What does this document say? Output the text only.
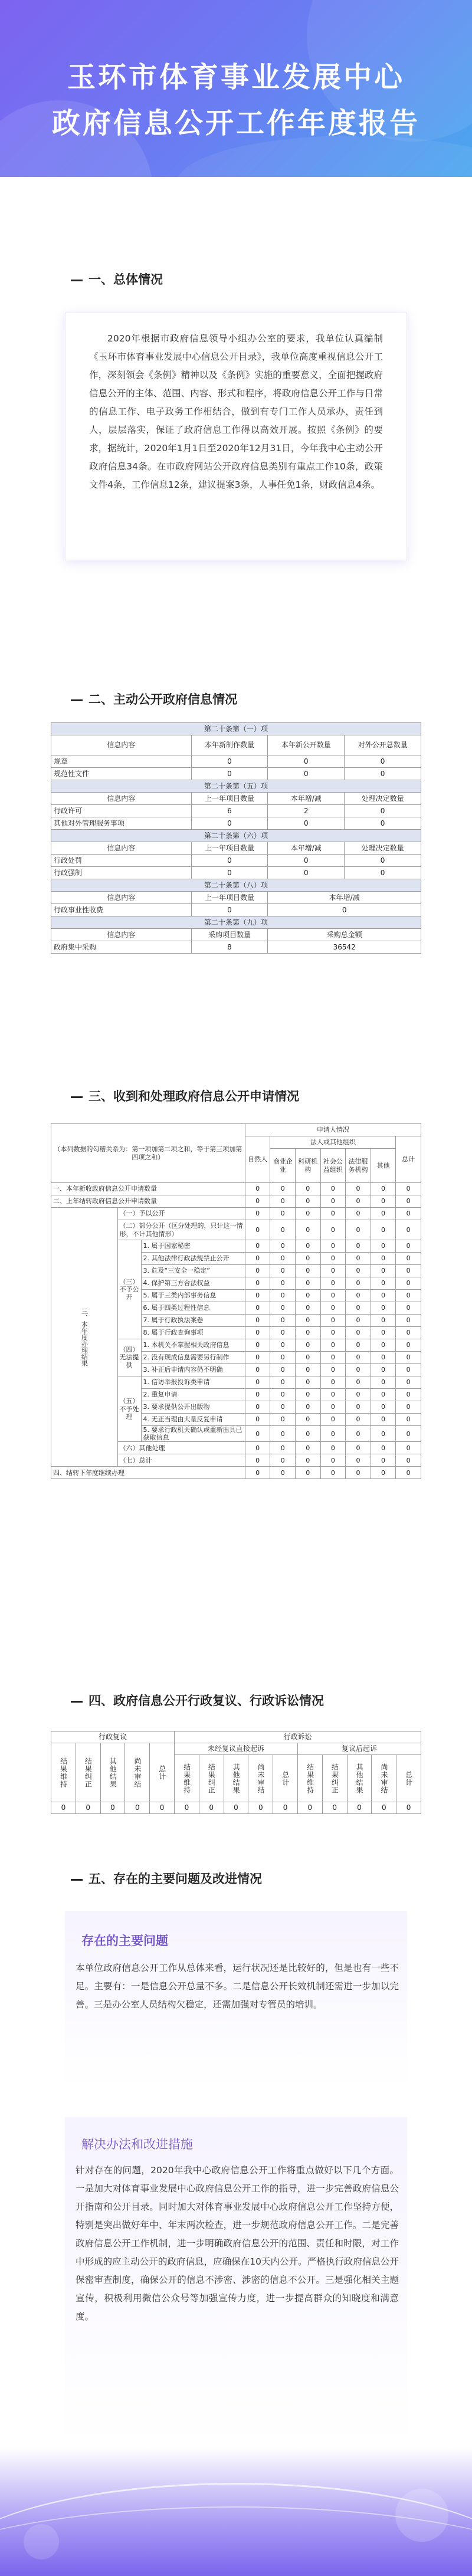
玉环市体育事业发展中心
政府信息公开工作年度报告
一、总体情况

2020年根据市政府信息领导小组办公室的要求，我单位认真编制《玉环市体育事业发展中心信息公开目录》，我单位高度重视信息公开工作，深刻领会《条例》精神以及《条例》实施的重要意义，全面把握政府信息公开的主体、范围、内容、形式和程序，将政府信息公开工作与日常的信息工作、电子政务工作相结合，做到有专门工作人员承办，责任到人，层层落实，保证了政府信息工作得以高效开展。按照《条例》的要求，据统计，2020年1月1日至2020年12月31日，今年我中心主动公开政府信息34条。在市政府网站公开政府信息类别有重点工作10条，政策文件4条，工作信息12条，建议提案3条，人事任免1条，财政信息4条。

二、主动公开政府信息情况
第二十条第（一）项			
信息内容	本年新制作数量	本年新公开数量	对外公开总数量
规章	0	0	0
规范性文件	0	0	0
第二十条第（五）项			
信息内容	上一年项目数量	本年增/减	处理决定数量
行政许可	6	2	0
其他对外管理服务事项	0	0	0
第二十条第（六）项			
信息内容	上一年项目数量	本年增/减	处理决定数量
行政处罚	0	0	0
行政强制	0	0	0
第二十条第（八）项			
信息内容	上一年项目数量	本年增/减	
行政事业性收费	0	0	
第二十条第（九）项			
信息内容	采购项目数量	采购总金额	
政府集中采购	8	36542	
三、收到和处理政府信息公开申请情况
（本列数据的勾稽关系为：第一项加第二项之和，等于第三项加第四项之和）			申请人情况						
			自然人	法人或其他组织					总计
				商业企业	科研机构	社会公益组织	法律服务机构	其他	
一、本年新收政府信息公开申请数量			0	0	0	0	0	0	0
二、上年结转政府信息公开申请数量			0	0	0	0	0	0	0
三、本年度办理结果	（一）予以公开		0	0	0	0	0	0	0
	（二）部分公开（区分处理的，只计这一情形，不计其他情形）		0	0	0	0	0	0	0
	（三）不予公开	1. 属于国家秘密	0	0	0	0	0	0	0
		2. 其他法律行政法规禁止公开	0	0	0	0	0	0	0
		3. 危及“三安全一稳定”	0	0	0	0	0	0	0
		4. 保护第三方合法权益	0	0	0	0	0	0	0
		5. 属于三类内部事务信息	0	0	0	0	0	0	0
		6. 属于四类过程性信息	0	0	0	0	0	0	0
		7. 属于行政执法案卷	0	0	0	0	0	0	0
		8. 属于行政查询事项	0	0	0	0	0	0	0
	（四）无法提供	1. 本机关不掌握相关政府信息	0	0	0	0	0	0	0
		2. 没有现成信息需要另行制作	0	0	0	0	0	0	0
		3. 补正后申请内容仍不明确	0	0	0	0	0	0	0
	（五）不予处理	1. 信访举报投诉类申请	0	0	0	0	0	0	0
		2. 重复申请	0	0	0	0	0	0	0
		3. 要求提供公开出版物	0	0	0	0	0	0	0
		4. 无正当理由大量反复申请	0	0	0	0	0	0	0
		5. 要求行政机关确认或重新出具已获取信息	0	0	0	0	0	0	0
	（六）其他处理		0	0	0	0	0	0	0
	（七）总计		0	0	0	0	0	0	0
四、结转下年度继续办理			0	0	0	0	0	0	0
四、政府信息公开行政复议、行政诉讼情况
行政复议					行政诉讼									
结果维持	结果纠正	其他结果	尚未审结	总计	未经复议直接起诉					复议后起诉				
					结果维持	结果纠正	其他结果	尚未审结	总计	结果维持	结果纠正	其他结果	尚未审结	总计
0	0	0	0	0	0	0	0	0	0	0	0	0	0	0
五、存在的主要问题及改进情况
存在的主要问题

本单位政府信息公开工作从总体来看，运行状况还是比较好的，但是也有一些不足。主要有：一是信息公开总量不多。二是信息公开长效机制还需进一步加以完善。三是办公室人员结构欠稳定，还需加强对专管员的培训。

解决办法和改进措施

针对存在的问题，2020年我中心政府信息公开工作将重点做好以下几个方面。一是加大对体育事业发展中心政府信息公开工作的指导，进一步完善政府信息公开指南和公开目录。同时加大对体育事业发展中心政府信息公开工作坚持方便，特别是突出做好年中、年末两次检查，进一步规范政府信息公开工作。二是完善政府信息公开工作机制，进一步明确政府信息公开的范围、责任和时限，对工作中形成的应主动公开的政府信息，应确保在10天内公开。严格执行政府信息公开保密审查制度，确保公开的信息不涉密、涉密的信息不公开。三是强化相关主题宣传，积极利用微信公众号等加强宣传力度，进一步提高群众的知晓度和满意度。
